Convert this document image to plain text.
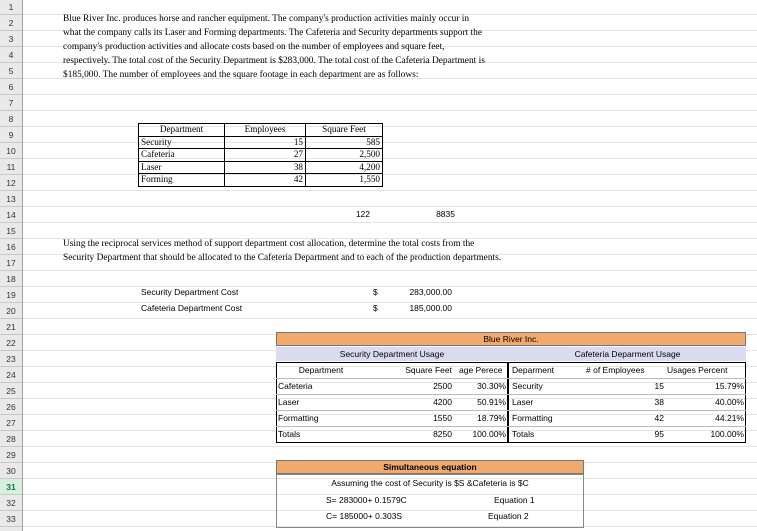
1
2
3
4
5
6
7
8
9
10
11
12
13
14
15
16
17
18
19
20
21
22
23
24
25
26
27
28
29
30
31
32
33
Blue River Inc. produces horse and rancher equipment. The company's production activities mainly occur in
what the company calls its Laser and Forming departments. The Cafeteria and Security departments support the
company's production activities and allocate costs based on the number of employees and square feet,
respectively. The total cost of the Security Department is $283,000. The total cost of the Cafeteria Department is
$185,000. The number of employees and the square footage in each department are as follows:
Department	Employees	Square Feet
Security	15	585
Cafeteria	27	2,500
Laser	38	4,200
Forming	42	1,550
122	8835
Using the reciprocal services method of support department cost allocation, determine the total costs from the
Security Department that should be allocated to the Cafeteria Department and to each of the production departments.
Security Department Cost	$	283,000.00
Cafeteria Department Cost	$	185,000.00
Blue River Inc.
Security Department Usage	Cafeteria Deparment Usage
Department	Square Feet age Perece
Cafeteria	2500	30.30%
Laser	4200	50.91%
Formatting	1550	18.79%
Totals	8250	100.00%
Deparment	# of Employees	Usages Percent
Security	15	15.79%
Laser	38	40.00%
Formatting	42	44.21%
Totals	95	100.00%
Simultaneous equation
Assuming the cost of Security is $S &Cafeteria is $C
S= 283000+ 0.1579C	Equation 1
C= 185000+ 0.303S	Equation 2
